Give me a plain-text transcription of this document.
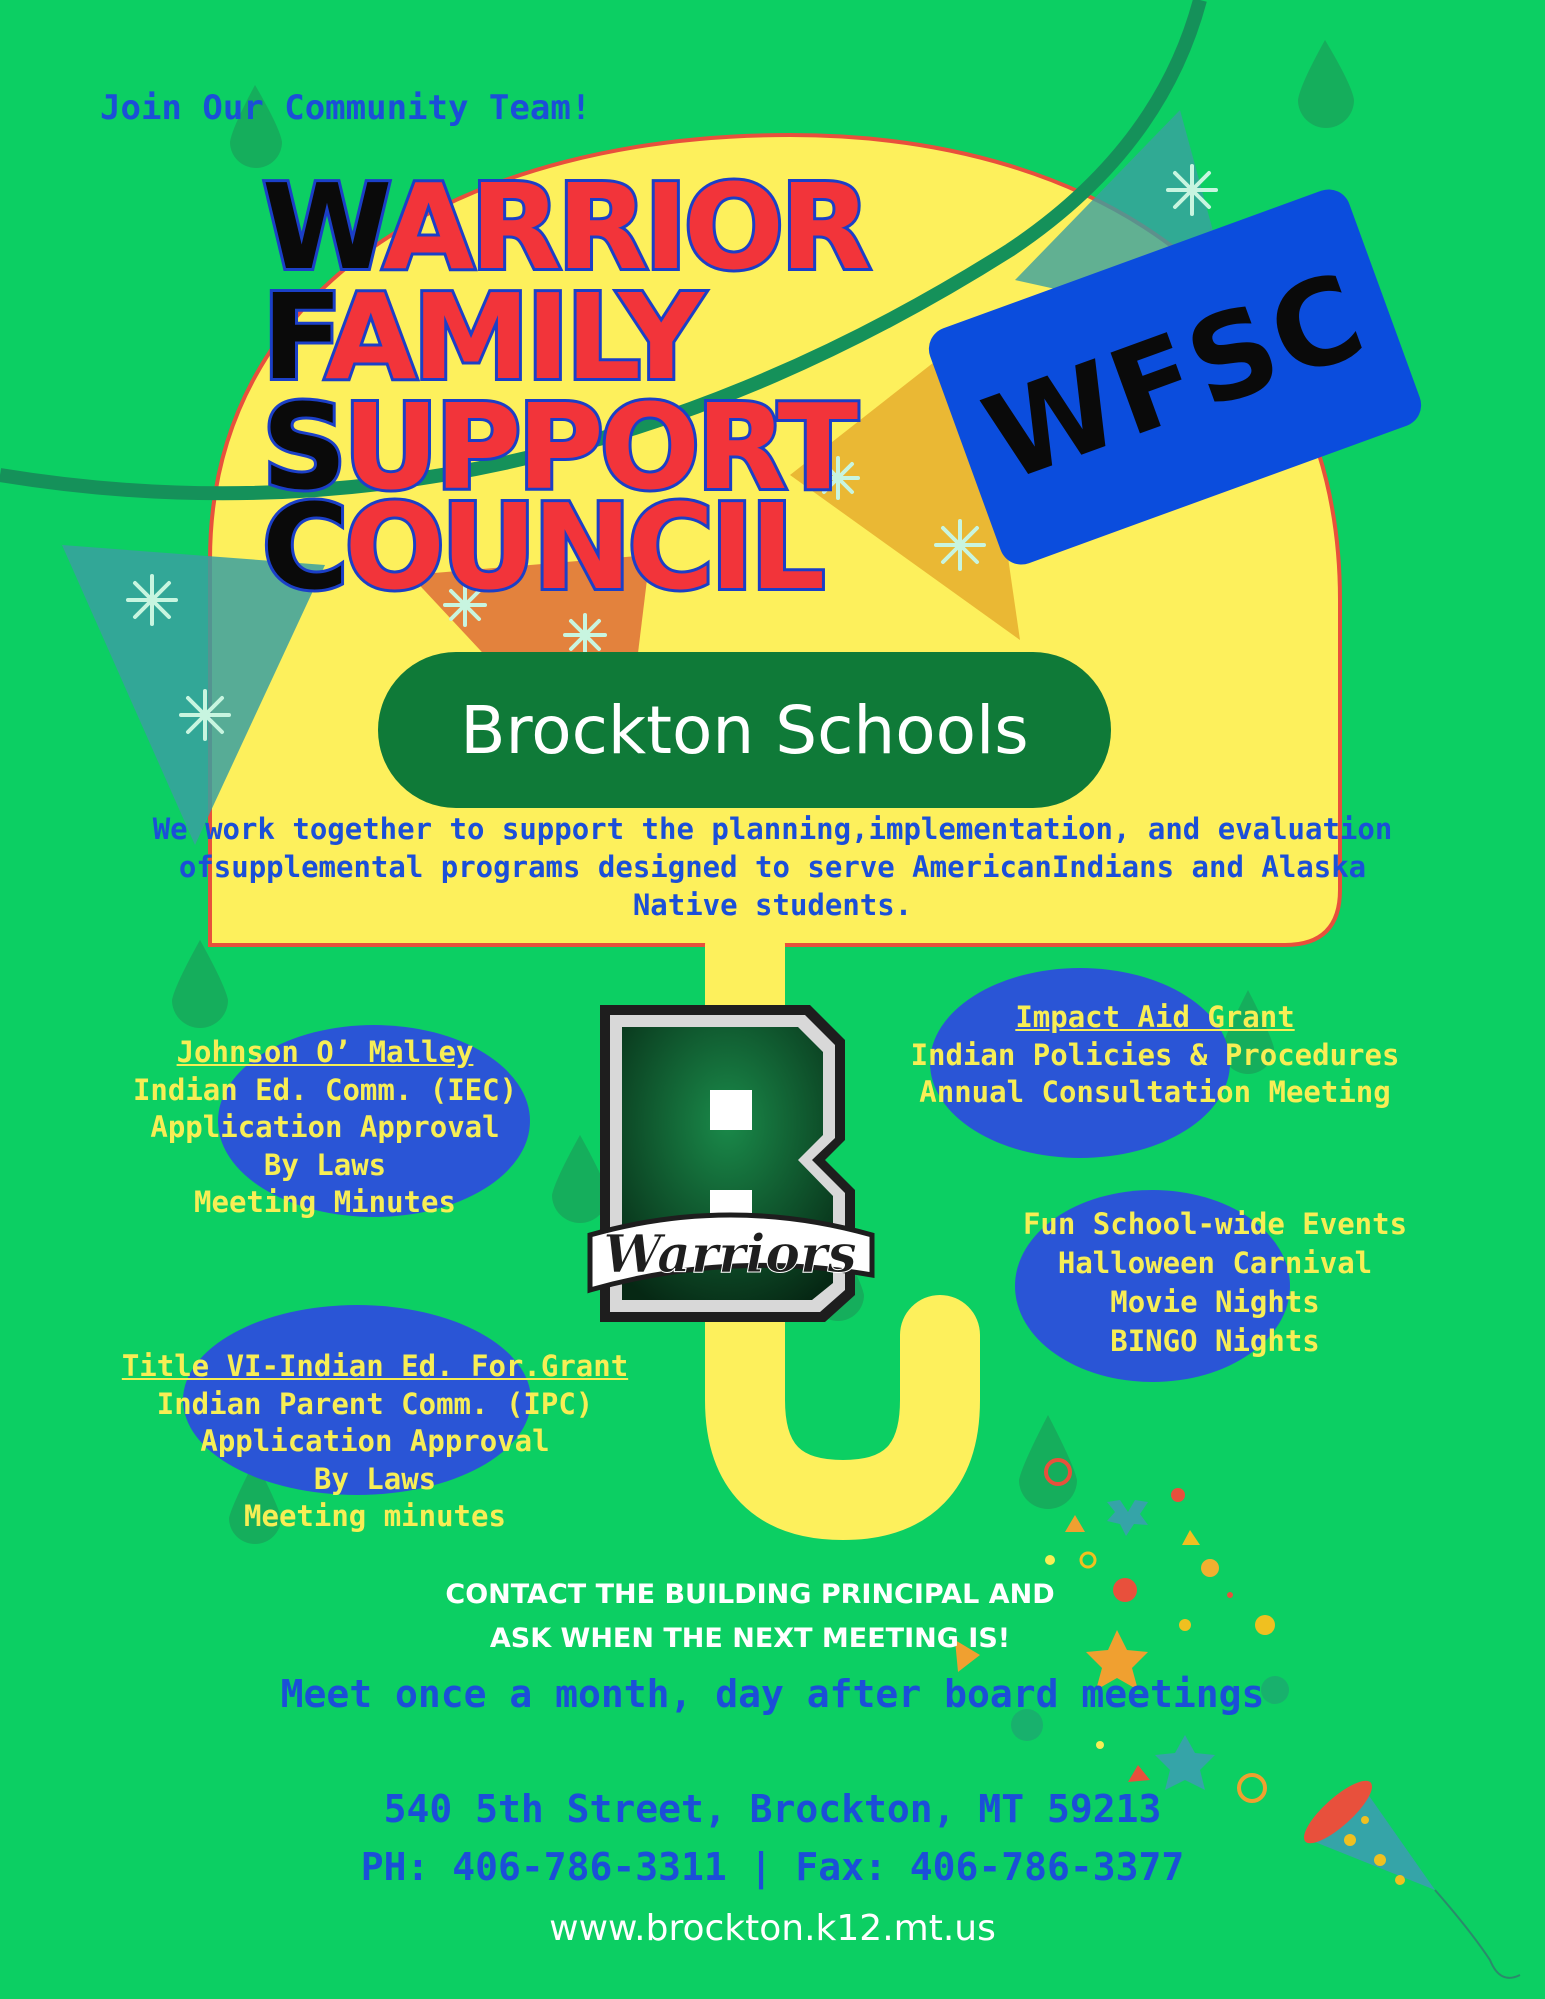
Join Our Community Team!
WARRIOR
FAMILY
SUPPORT
COUNCIL
WFSC
Brockton Schools
We work together to support the planning,implementation, and evaluation
ofsupplemental programs designed to serve AmericanIndians and Alaska
Native students.
Warriors
Johnson O’ Malley
Indian Ed. Comm. (IEC)
Application Approval
By Laws
Meeting Minutes
Impact Aid Grant
Indian Policies & Procedures
Annual Consultation Meeting
Fun School-wide Events
Halloween Carnival
Movie Nights
BINGO Nights
Title VI-Indian Ed. For.Grant
Indian Parent Comm. (IPC)
Application Approval
By Laws
Meeting minutes
CONTACT THE BUILDING PRINCIPAL AND
ASK WHEN THE NEXT MEETING IS!
Meet once a month, day after board meetings
540 5th Street, Brockton, MT 59213
PH: 406-786-3311 | Fax: 406-786-3377
www.brockton.k12.mt.us
